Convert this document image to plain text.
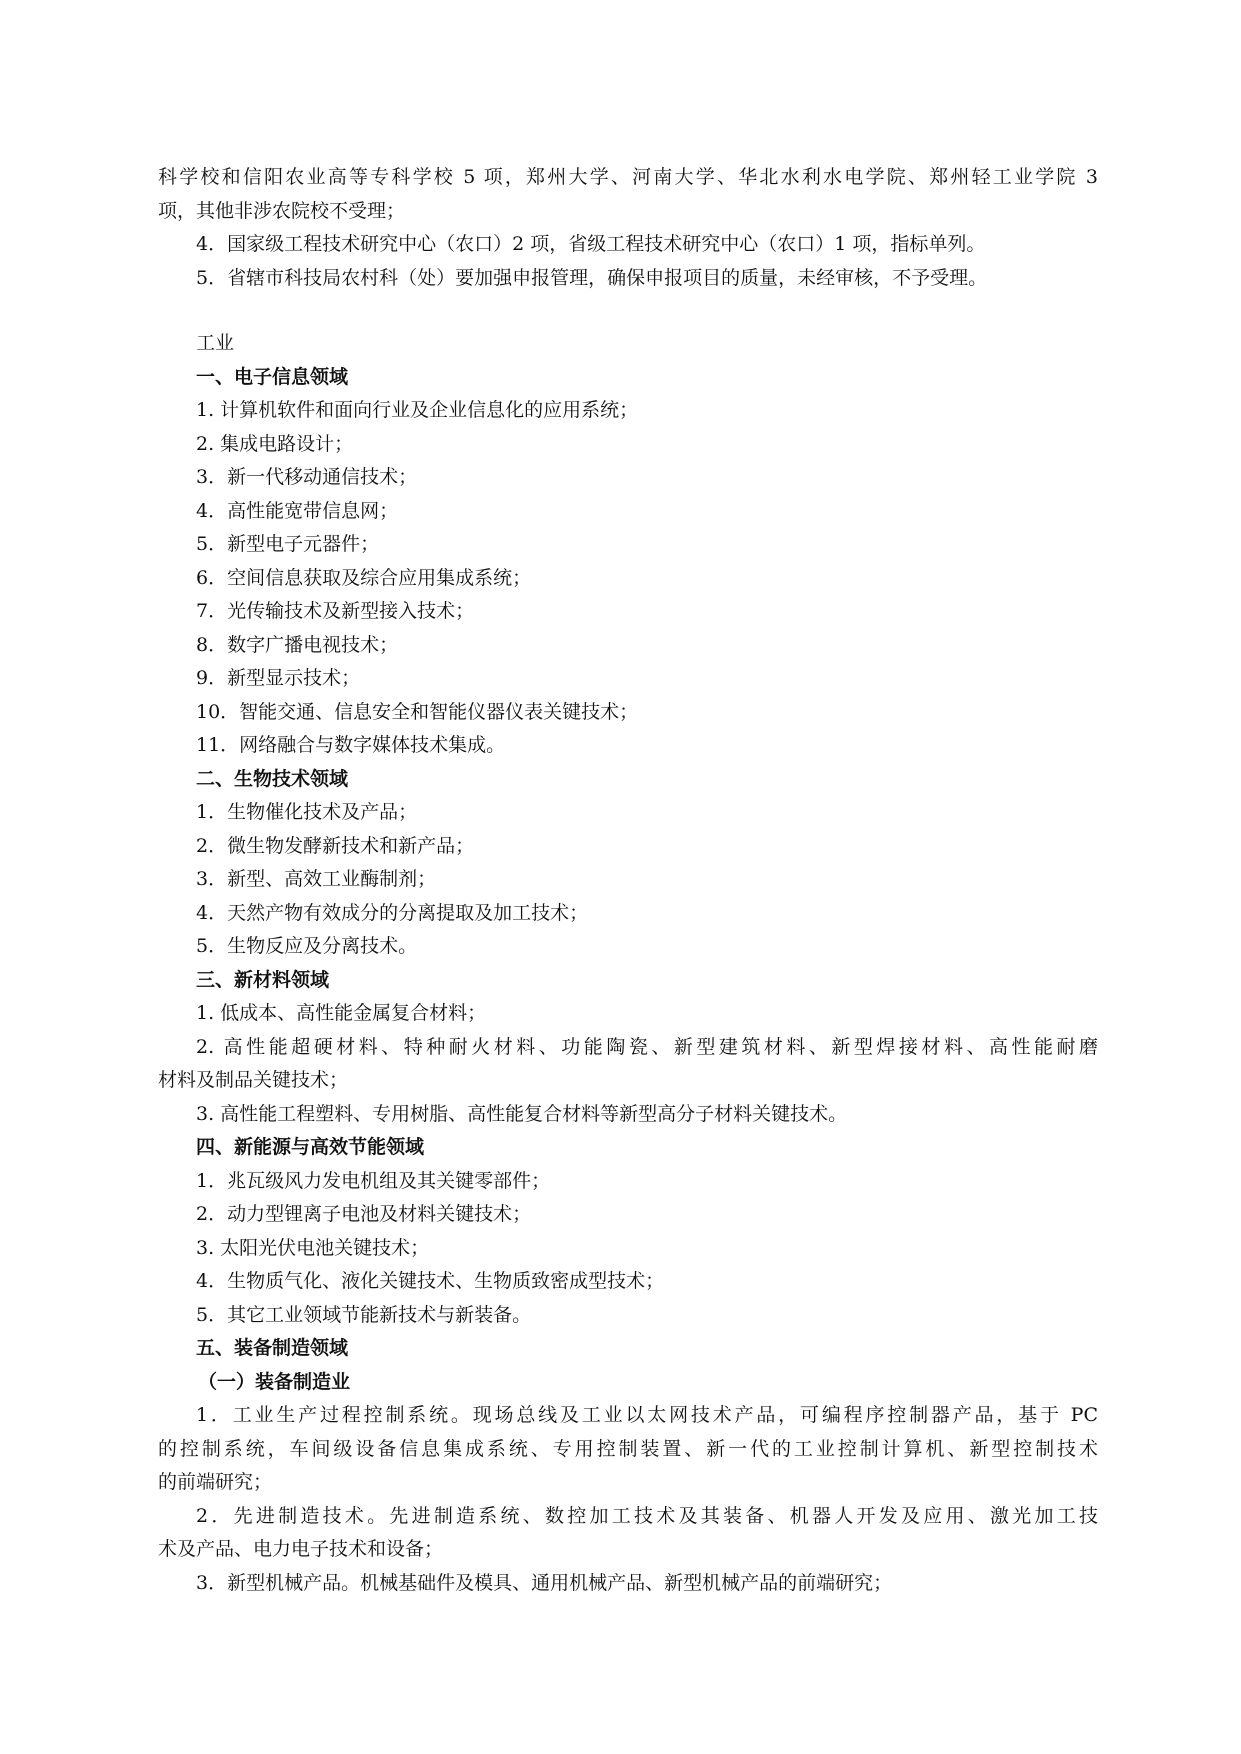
科学校和信阳农业高等专科学校 5 项，郑州大学、河南大学、华北水利水电学院、郑州轻工业学院 3
项，其他非涉农院校不受理；
4．国家级工程技术研究中心（农口）2 项，省级工程技术研究中心（农口）1 项，指标单列。
5．省辖市科技局农村科（处）要加强申报管理，确保申报项目的质量，未经审核，不予受理。
工业
一、电子信息领域
1. 计算机软件和面向行业及企业信息化的应用系统；
2. 集成电路设计；
3．新一代移动通信技术；
4．高性能宽带信息网；
5．新型电子元器件；
6．空间信息获取及综合应用集成系统；
7．光传输技术及新型接入技术；
8．数字广播电视技术；
9．新型显示技术；
10．智能交通、信息安全和智能仪器仪表关键技术；
11．网络融合与数字媒体技术集成。
二、生物技术领域
1．生物催化技术及产品；
2．微生物发酵新技术和新产品；
3．新型、高效工业酶制剂；
4．天然产物有效成分的分离提取及加工技术；
5．生物反应及分离技术。
三、新材料领域
1. 低成本、高性能金属复合材料；
2. 高性能超硬材料、特种耐火材料、功能陶瓷、新型建筑材料、新型焊接材料、高性能耐磨
材料及制品关键技术；
3. 高性能工程塑料、专用树脂、高性能复合材料等新型高分子材料关键技术。
四、新能源与高效节能领域
1．兆瓦级风力发电机组及其关键零部件；
2．动力型锂离子电池及材料关键技术；
3. 太阳光伏电池关键技术；
4．生物质气化、液化关键技术、生物质致密成型技术；
5．其它工业领域节能新技术与新装备。
五、装备制造领域
（一）装备制造业
1．工业生产过程控制系统。现场总线及工业以太网技术产品，可编程序控制器产品，基于 PC
的控制系统，车间级设备信息集成系统、专用控制装置、新一代的工业控制计算机、新型控制技术
的前端研究；
2．先进制造技术。先进制造系统、数控加工技术及其装备、机器人开发及应用、激光加工技
术及产品、电力电子技术和设备；
3．新型机械产品。机械基础件及模具、通用机械产品、新型机械产品的前端研究；
